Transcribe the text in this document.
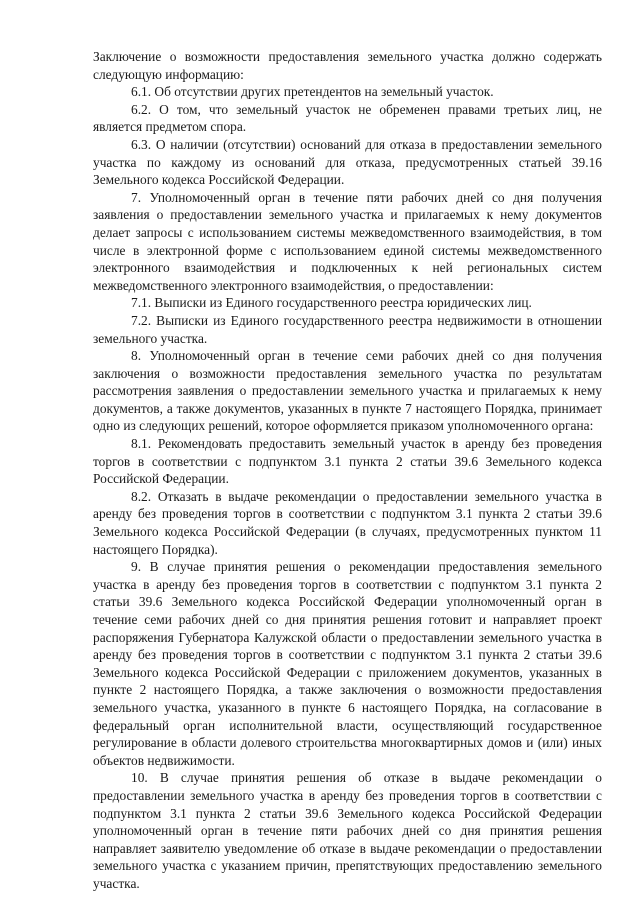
Заключение о возможности предоставления земельного участка должно содержать следующую информацию:

6.1. Об отсутствии других претендентов на земельный участок.

6.2. О том, что земельный участок не обременен правами третьих лиц, не является предметом спора.

6.3. О наличии (отсутствии) оснований для отказа в предоставлении земельного участка по каждому из оснований для отказа, предусмотренных статьей 39.16 Земельного кодекса Российской Федерации.

7. Уполномоченный орган в течение пяти рабочих дней со дня получения заявления о предоставлении земельного участка и прилагаемых к нему документов делает запросы с использованием системы межведомственного взаимодействия, в том числе в электронной форме с использованием единой системы межведомственного электронного взаимодействия и подключенных к ней региональных систем межведомственного электронного взаимодействия, о предоставлении:

7.1. Выписки из Единого государственного реестра юридических лиц.

7.2. Выписки из Единого государственного реестра недвижимости в отношении земельного участка.

8. Уполномоченный орган в течение семи рабочих дней со дня получения заключения о возможности предоставления земельного участка по результатам рассмотрения заявления о предоставлении земельного участка и прилагаемых к нему документов, а также документов, указанных в пункте 7 настоящего Порядка, принимает одно из следующих решений, которое оформляется приказом уполномоченного органа:

8.1. Рекомендовать предоставить земельный участок в аренду без проведения торгов в соответствии с подпунктом 3.1 пункта 2 статьи 39.6 Земельного кодекса Российской Федерации.

8.2. Отказать в выдаче рекомендации о предоставлении земельного участка в аренду без проведения торгов в соответствии с подпунктом 3.1 пункта 2 статьи 39.6 Земельного кодекса Российской Федерации (в случаях, предусмотренных пунктом 11 настоящего Порядка).

9. В случае принятия решения о рекомендации предоставления земельного участка в аренду без проведения торгов в соответствии с подпунктом 3.1 пункта 2 статьи 39.6 Земельного кодекса Российской Федерации уполномоченный орган в течение семи рабочих дней со дня принятия решения готовит и направляет проект распоряжения Губернатора Калужской области о предоставлении земельного участка в аренду без проведения торгов в соответствии с подпунктом 3.1 пункта 2 статьи 39.6 Земельного кодекса Российской Федерации с приложением документов, указанных в пункте 2 настоящего Порядка, а также заключения о возможности предоставления земельного участка, указанного в пункте 6 настоящего Порядка, на согласование в федеральный орган исполнительной власти, осуществляющий государственное регулирование в области долевого строительства многоквартирных домов и (или) иных объектов недвижимости.

10. В случае принятия решения об отказе в выдаче рекомендации о предоставлении земельного участка в аренду без проведения торгов в соответствии с подпунктом 3.1 пункта 2 статьи 39.6 Земельного кодекса Российской Федерации уполномоченный орган в течение пяти рабочих дней со дня принятия решения направляет заявителю уведомление об отказе в выдаче рекомендации о предоставлении земельного участка с указанием причин, препятствующих предоставлению земельного участка.
